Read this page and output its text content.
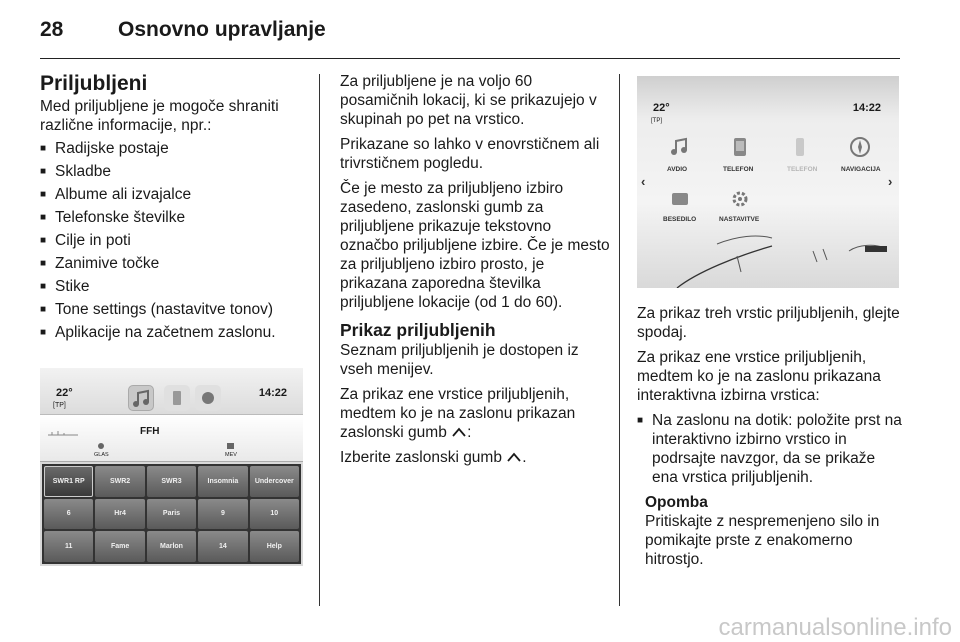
28	Osnovno upravljanje
Priljubljeni

Med priljubljene je mogoče shraniti različne informacije, npr.:

■ Radijske postaje
■ Skladbe
■ Albume ali izvajalce
■ Telefonske številke
■ Cilje in poti
■ Zanimive točke
■ Stike
■ Tone settings (nastavitve tonov)
■ Aplikacije na začetnem zaslonu.
22°
[TP]
14:22
FFH
GLAS	MEV
SWR1 RP	SWR2	SWR3	Insomnia	Undercover
6	Hr4	Paris	9	10
11	Fame	Marlon	14	Help

Za priljubljene je na voljo 60 posamičnih lokacij, ki se prikazujejo v skupinah po pet na vrstico.

Prikazane so lahko v enovrstičnem ali trivrstičnem pogledu.

Če je mesto za priljubljeno izbiro zasedeno, zaslonski gumb za priljubljene prikazuje tekstovno označbo priljubljene izbire. Če je mesto za priljubljeno izbiro prosto, je prikazana zaporedna številka priljubljene lokacije (od 1 do 60).

Prikaz priljubljenih

Seznam priljubljenih je dostopen iz vseh menijev.

Za prikaz ene vrstice priljubljenih, medtem ko je na zaslonu prikazan zaslonski gumb :

Izberite zaslonski gumb .

22°
[TP]
14:22
‹	›
AVDIO	TELEFON	TELEFON	NAVIGACIJA
BESEDILO	NASTAVITVE

Za prikaz treh vrstic priljubljenih, glejte spodaj.

Za prikaz ene vrstice priljubljenih, medtem ko je na zaslonu prikazana interaktivna izbirna vrstica:

■ Na zaslonu na dotik: položite prst na interaktivno izbirno vrstico in podrsajte navzgor, da se prikaže ena vrstica priljubljenih.
Opomba
Pritiskajte z nespremenjeno silo in pomikajte prste z enakomerno hitrostjo.
carmanualsonline.info
